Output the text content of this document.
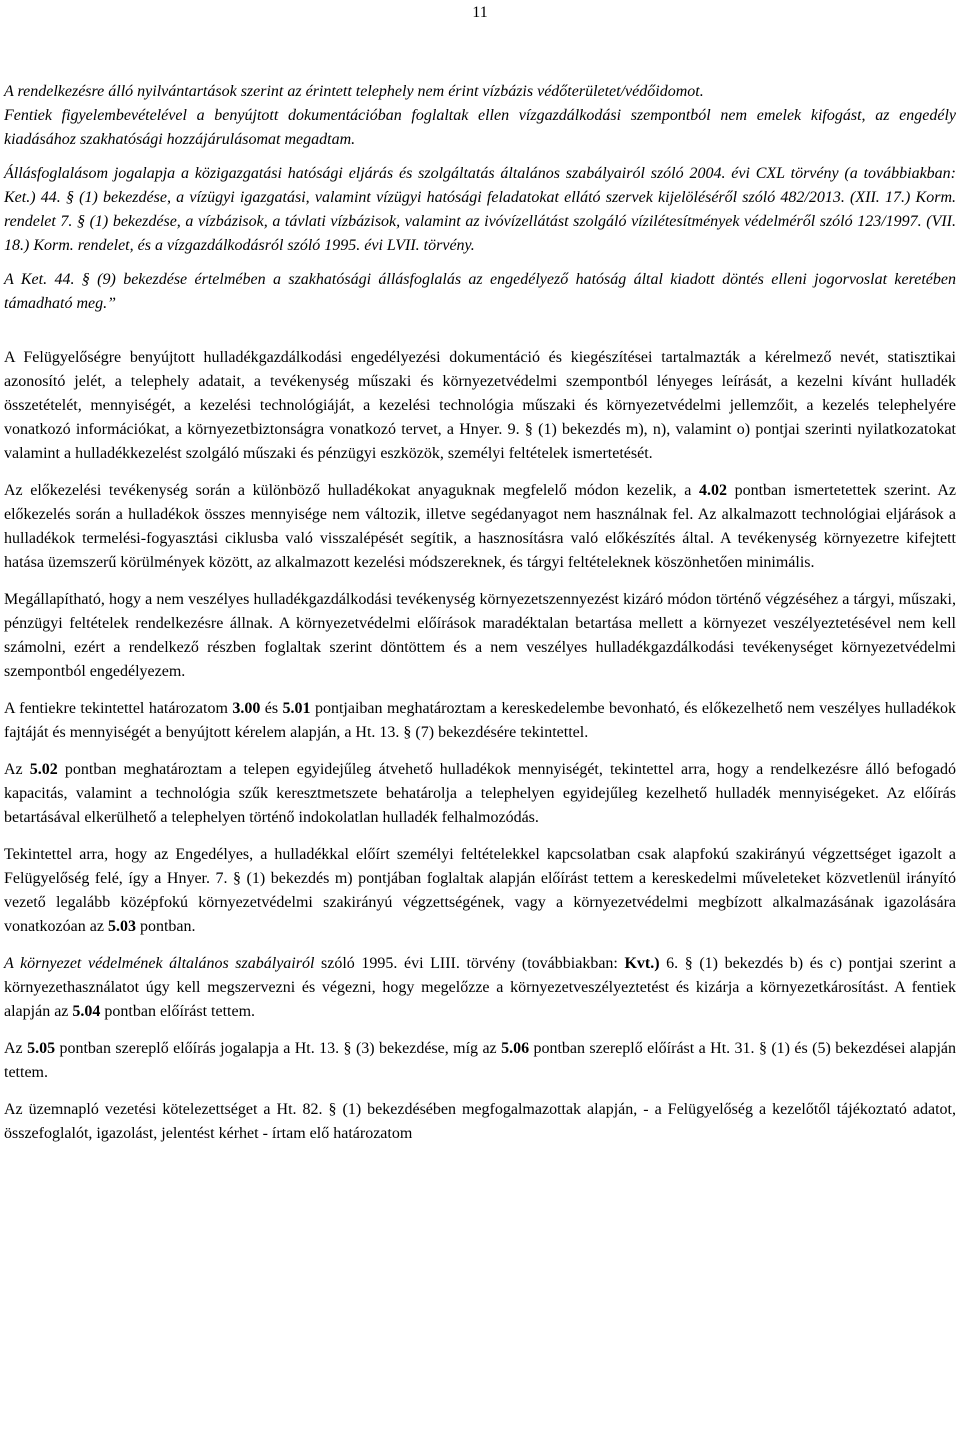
11

A rendelkezésre álló nyilvántartások szerint az érintett telephely nem érint vízbázis védőterületet/védőidomot.

Fentiek figyelembevételével a benyújtott dokumentációban foglaltak ellen vízgazdálkodási szempontból nem emelek kifogást, az engedély kiadásához szakhatósági hozzájárulásomat megadtam.

Állásfoglalásom jogalapja a közigazgatási hatósági eljárás és szolgáltatás általános szabályairól szóló 2004. évi CXL törvény (a továbbiakban: Ket.) 44. § (1) bekezdése, a vízügyi igazgatási, valamint vízügyi hatósági feladatokat ellátó szervek kijelöléséről szóló 482/2013. (XII. 17.) Korm. rendelet 7. § (1) bekezdése, a vízbázisok, a távlati vízbázisok, valamint az ivóvízellátást szolgáló vízilétesítmények védelméről szóló 123/1997. (VII. 18.) Korm. rendelet, és a vízgazdálkodásról szóló 1995. évi LVII. törvény.

A Ket. 44. § (9) bekezdése értelmében a szakhatósági állásfoglalás az engedélyező hatóság által kiadott döntés elleni jogorvoslat keretében támadható meg.”

A Felügyelőségre benyújtott hulladékgazdálkodási engedélyezési dokumentáció és kiegészítései tartalmazták a kérelmező nevét, statisztikai azonosító jelét, a telephely adatait, a tevékenység műszaki és környezetvédelmi szempontból lényeges leírását, a kezelni kívánt hulladék összetételét, mennyiségét, a kezelési technológiáját, a kezelési technológia műszaki és környezetvédelmi jellemzőit, a kezelés telephelyére vonatkozó információkat, a környezetbiztonságra vonatkozó tervet, a Hnyer. 9. § (1) bekezdés m), n), valamint o) pontjai szerinti nyilatkozatokat valamint a hulladékkezelést szolgáló műszaki és pénzügyi eszközök, személyi feltételek ismertetését.

Az előkezelési tevékenység során a különböző hulladékokat anyaguknak megfelelő módon kezelik, a 4.02 pontban ismertetettek szerint. Az előkezelés során a hulladékok összes mennyisége nem változik, illetve segédanyagot nem használnak fel. Az alkalmazott technológiai eljárások a hulladékok termelési-fogyasztási ciklusba való visszalépését segítik, a hasznosításra való előkészítés által. A tevékenység környezetre kifejtett hatása üzemszerű körülmények között, az alkalmazott kezelési módszereknek, és tárgyi feltételeknek köszönhetően minimális.

Megállapítható, hogy a nem veszélyes hulladékgazdálkodási tevékenység környezetszennyezést kizáró módon történő végzéséhez a tárgyi, műszaki, pénzügyi feltételek rendelkezésre állnak. A környezetvédelmi előírások maradéktalan betartása mellett a környezet veszélyeztetésével nem kell számolni, ezért a rendelkező részben foglaltak szerint döntöttem és a nem veszélyes hulladékgazdálkodási tevékenységet környezetvédelmi szempontból engedélyezem.

A fentiekre tekintettel határozatom 3.00 és 5.01 pontjaiban meghatároztam a kereskedelembe bevonható, és előkezelhető nem veszélyes hulladékok fajtáját és mennyiségét a benyújtott kérelem alapján, a Ht. 13. § (7) bekezdésére tekintettel.

Az 5.02 pontban meghatároztam a telepen egyidejűleg átvehető hulladékok mennyiségét, tekintettel arra, hogy a rendelkezésre álló befogadó kapacitás, valamint a technológia szűk keresztmetszete behatárolja a telephelyen egyidejűleg kezelhető hulladék mennyiségeket. Az előírás betartásával elkerülhető a telephelyen történő indokolatlan hulladék felhalmozódás.

Tekintettel arra, hogy az Engedélyes, a hulladékkal előírt személyi feltételekkel kapcsolatban csak alapfokú szakirányú végzettséget igazolt a Felügyelőség felé, így a Hnyer. 7. § (1) bekezdés m) pontjában foglaltak alapján előírást tettem a kereskedelmi műveleteket közvetlenül irányító vezető legalább középfokú környezetvédelmi szakirányú végzettségének, vagy a környezetvédelmi megbízott alkalmazásának igazolására vonatkozóan az 5.03 pontban.

A környezet védelmének általános szabályairól szóló 1995. évi LIII. törvény (továbbiakban: Kvt.) 6. § (1) bekezdés b) és c) pontjai szerint a környezethasználatot úgy kell megszervezni és végezni, hogy megelőzze a környezetveszélyeztetést és kizárja a környezetkárosítást. A fentiek alapján az 5.04 pontban előírást tettem.

Az 5.05 pontban szereplő előírás jogalapja a Ht. 13. § (3) bekezdése, míg az 5.06 pontban szereplő előírást a Ht. 31. § (1) és (5) bekezdései alapján tettem.

Az üzemnapló vezetési kötelezettséget a Ht. 82. § (1) bekezdésében megfogalmazottak alapján, - a Felügyelőség a kezelőtől tájékoztató adatot, összefoglalót, igazolást, jelentést kérhet - írtam elő határozatom
